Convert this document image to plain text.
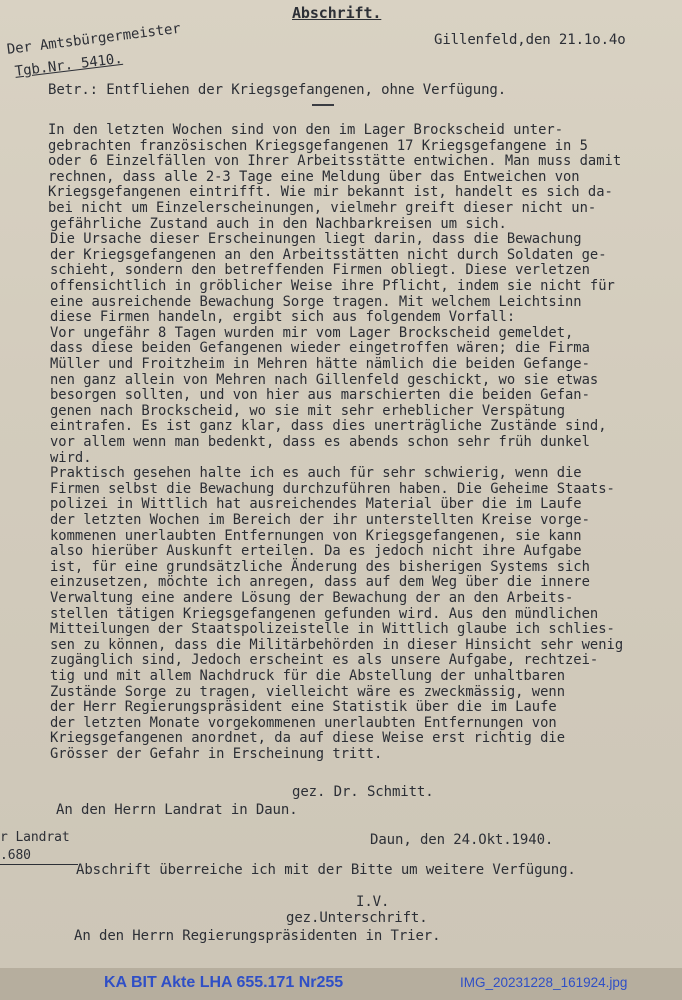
Abschrift.
Der Amtsbürgermeister
Tgb.Nr. 5410.
Gillenfeld,den 21.1o.4o
Betr.: Entfliehen der Kriegsgefangenen, ohne Verfügung.
In den letzten Wochen sind von den im Lager Brockscheid unter-
gebrachten französischen Kriegsgefangenen 17 Kriegsgefangene in 5
oder 6 Einzelfällen von Ihrer Arbeitsstätte entwichen. Man muss damit
rechnen, dass alle 2-3 Tage eine Meldung über das Entweichen von
Kriegsgefangenen eintrifft. Wie mir bekannt ist, handelt es sich da-
bei nicht um Einzelerscheinungen, vielmehr greift dieser nicht un-
gefährliche Zustand auch in den Nachbarkreisen um sich.
Die Ursache dieser Erscheinungen liegt darin, dass die Bewachung
der Kriegsgefangenen an den Arbeitsstätten nicht durch Soldaten ge-
schieht, sondern den betreffenden Firmen obliegt. Diese verletzen
offensichtlich in gröblicher Weise ihre Pflicht, indem sie nicht für
eine ausreichende Bewachung Sorge tragen. Mit welchem Leichtsinn
diese Firmen handeln, ergibt sich aus folgendem Vorfall:
Vor ungefähr 8 Tagen wurden mir vom Lager Brockscheid gemeldet,
dass diese beiden Gefangenen wieder eingetroffen wären; die Firma
Müller und Froitzheim in Mehren hätte nämlich die beiden Gefange-
nen ganz allein von Mehren nach Gillenfeld geschickt, wo sie etwas
besorgen sollten, und von hier aus marschierten die beiden Gefan-
genen nach Brockscheid, wo sie mit sehr erheblicher Verspätung
eintrafen. Es ist ganz klar, dass dies unerträgliche Zustände sind,
vor allem wenn man bedenkt, dass es abends schon sehr früh dunkel
wird.
Praktisch gesehen halte ich es auch für sehr schwierig, wenn die
Firmen selbst die Bewachung durchzuführen haben. Die Geheime Staats-
polizei in Wittlich hat ausreichendes Material über die im Laufe
der letzten Wochen im Bereich der ihr unterstellten Kreise vorge-
kommenen unerlaubten Entfernungen von Kriegsgefangenen, sie kann
also hierüber Auskunft erteilen. Da es jedoch nicht ihre Aufgabe
ist, für eine grundsätzliche Änderung des bisherigen Systems sich
einzusetzen, möchte ich anregen, dass auf dem Weg über die innere
Verwaltung eine andere Lösung der Bewachung der an den Arbeits-
stellen tätigen Kriegsgefangenen gefunden wird. Aus den mündlichen
Mitteilungen der Staatspolizeistelle in Wittlich glaube ich schlies-
sen zu können, dass die Militärbehörden in dieser Hinsicht sehr wenig
zugänglich sind, Jedoch erscheint es als unsere Aufgabe, rechtzei-
tig und mit allem Nachdruck für die Abstellung der unhaltbaren
Zustände Sorge zu tragen, vielleicht wäre es zweckmässig, wenn
der Herr Regierungspräsident eine Statistik über die im Laufe
der letzten Monate vorgekommenen unerlaubten Entfernungen von
Kriegsgefangenen anordnet, da auf diese Weise erst richtig die
Grösser der Gefahr in Erscheinung tritt.
gez. Dr. Schmitt.
An den Herrn Landrat in Daun.
r Landrat
.680
Daun, den 24.Okt.1940.
Abschrift überreiche ich mit der Bitte um weitere Verfügung.
I.V.
gez.Unterschrift.
An den Herrn Regierungspräsidenten in Trier.
KA BIT Akte LHA 655.171 Nr255	IMG_20231228_161924.jpg
